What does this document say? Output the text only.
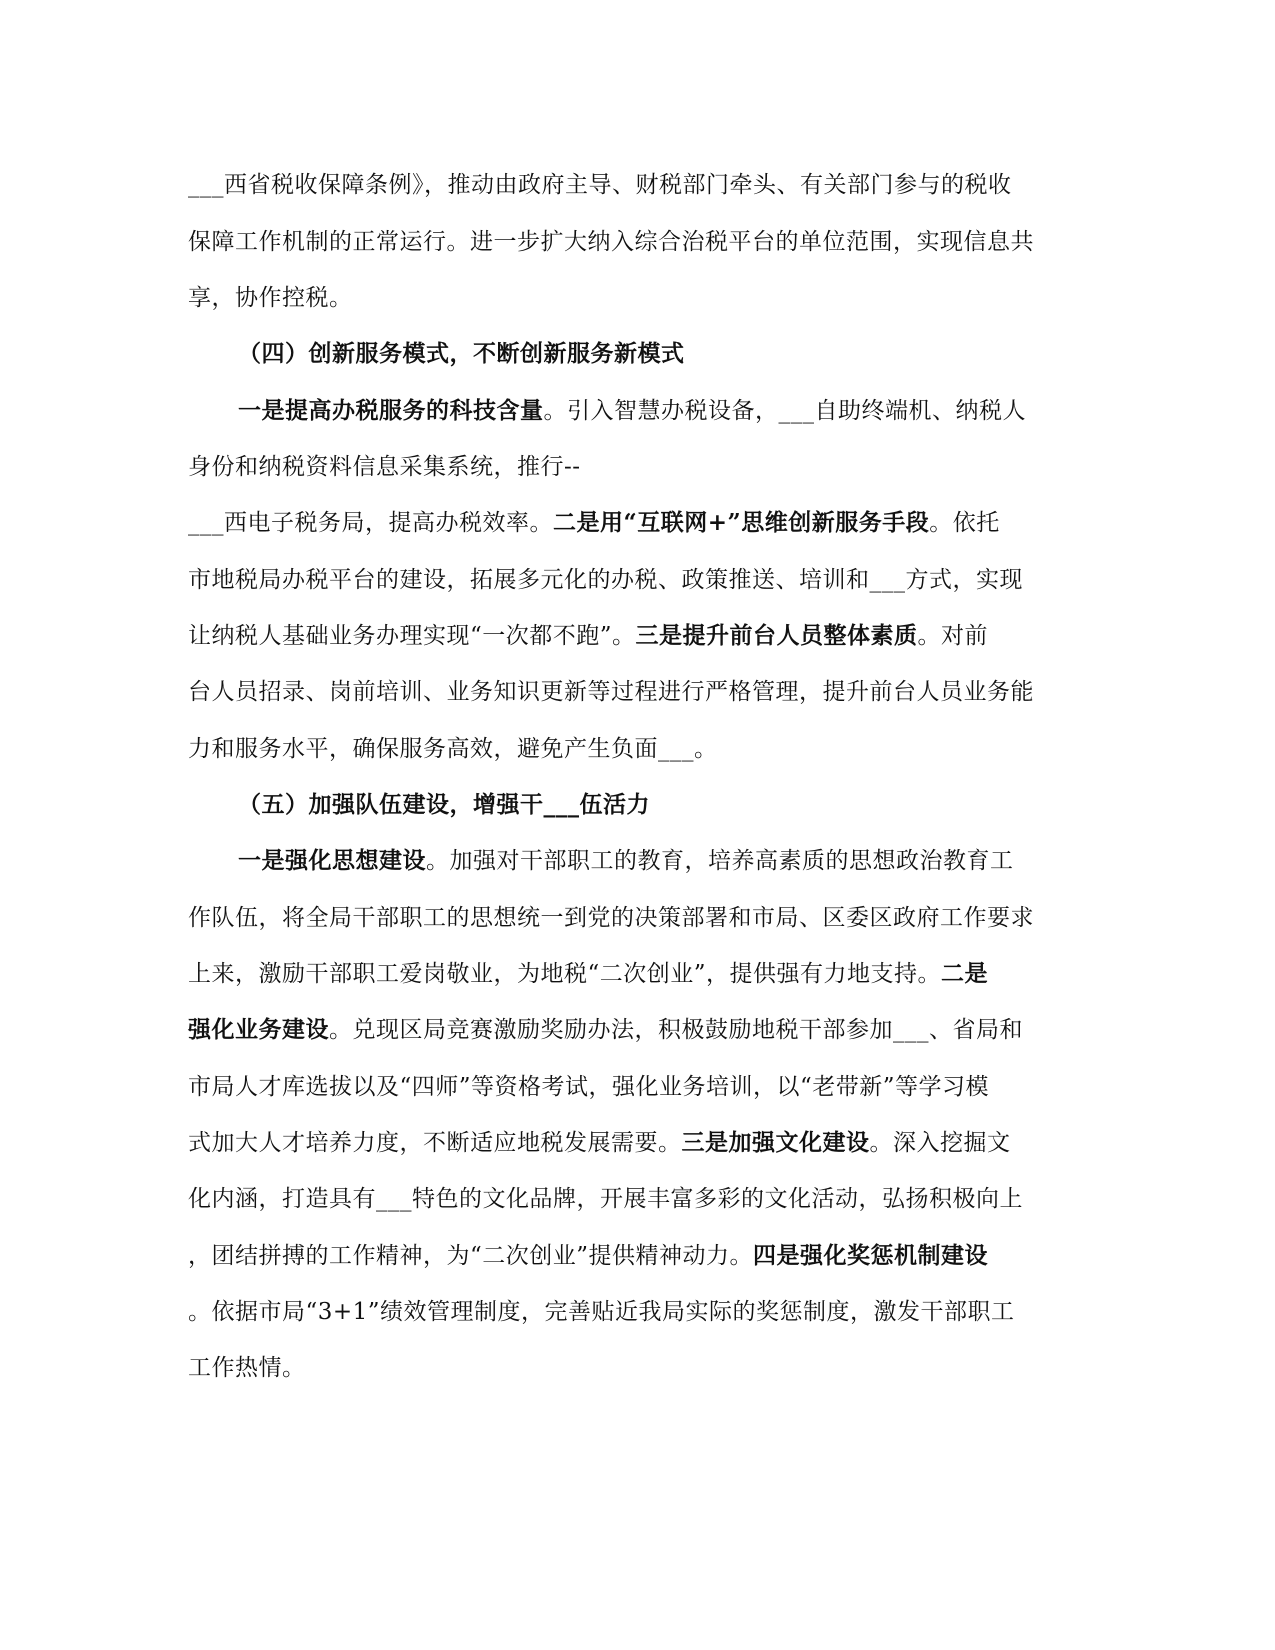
___西省税收保障条例》，推动由政府主导、财税部门牵头、有关部门参与的税收
保障工作机制的正常运行。进一步扩大纳入综合治税平台的单位范围，实现信息共
享，协作控税。
（四）创新服务模式，不断创新服务新模式
一是提高办税服务的科技含量。引入智慧办税设备，___自助终端机、纳税人
身份和纳税资料信息采集系统，推行--
___西电子税务局，提高办税效率。二是用“互联网+”思维创新服务手段。依托
市地税局办税平台的建设，拓展多元化的办税、政策推送、培训和___方式，实现
让纳税人基础业务办理实现“一次都不跑”。三是提升前台人员整体素质。对前
台人员招录、岗前培训、业务知识更新等过程进行严格管理，提升前台人员业务能
力和服务水平，确保服务高效，避免产生负面___。
（五）加强队伍建设，增强干___伍活力
一是强化思想建设。加强对干部职工的教育，培养高素质的思想政治教育工
作队伍，将全局干部职工的思想统一到党的决策部署和市局、区委区政府工作要求
上来，激励干部职工爱岗敬业，为地税“二次创业”，提供强有力地支持。二是
强化业务建设。兑现区局竞赛激励奖励办法，积极鼓励地税干部参加___、省局和
市局人才库选拔以及“四师”等资格考试，强化业务培训，以“老带新”等学习模
式加大人才培养力度，不断适应地税发展需要。三是加强文化建设。深入挖掘文
化内涵，打造具有___特色的文化品牌，开展丰富多彩的文化活动，弘扬积极向上
，团结拼搏的工作精神，为“二次创业”提供精神动力。四是强化奖惩机制建设
。依据市局“3+1”绩效管理制度，完善贴近我局实际的奖惩制度，激发干部职工
工作热情。
